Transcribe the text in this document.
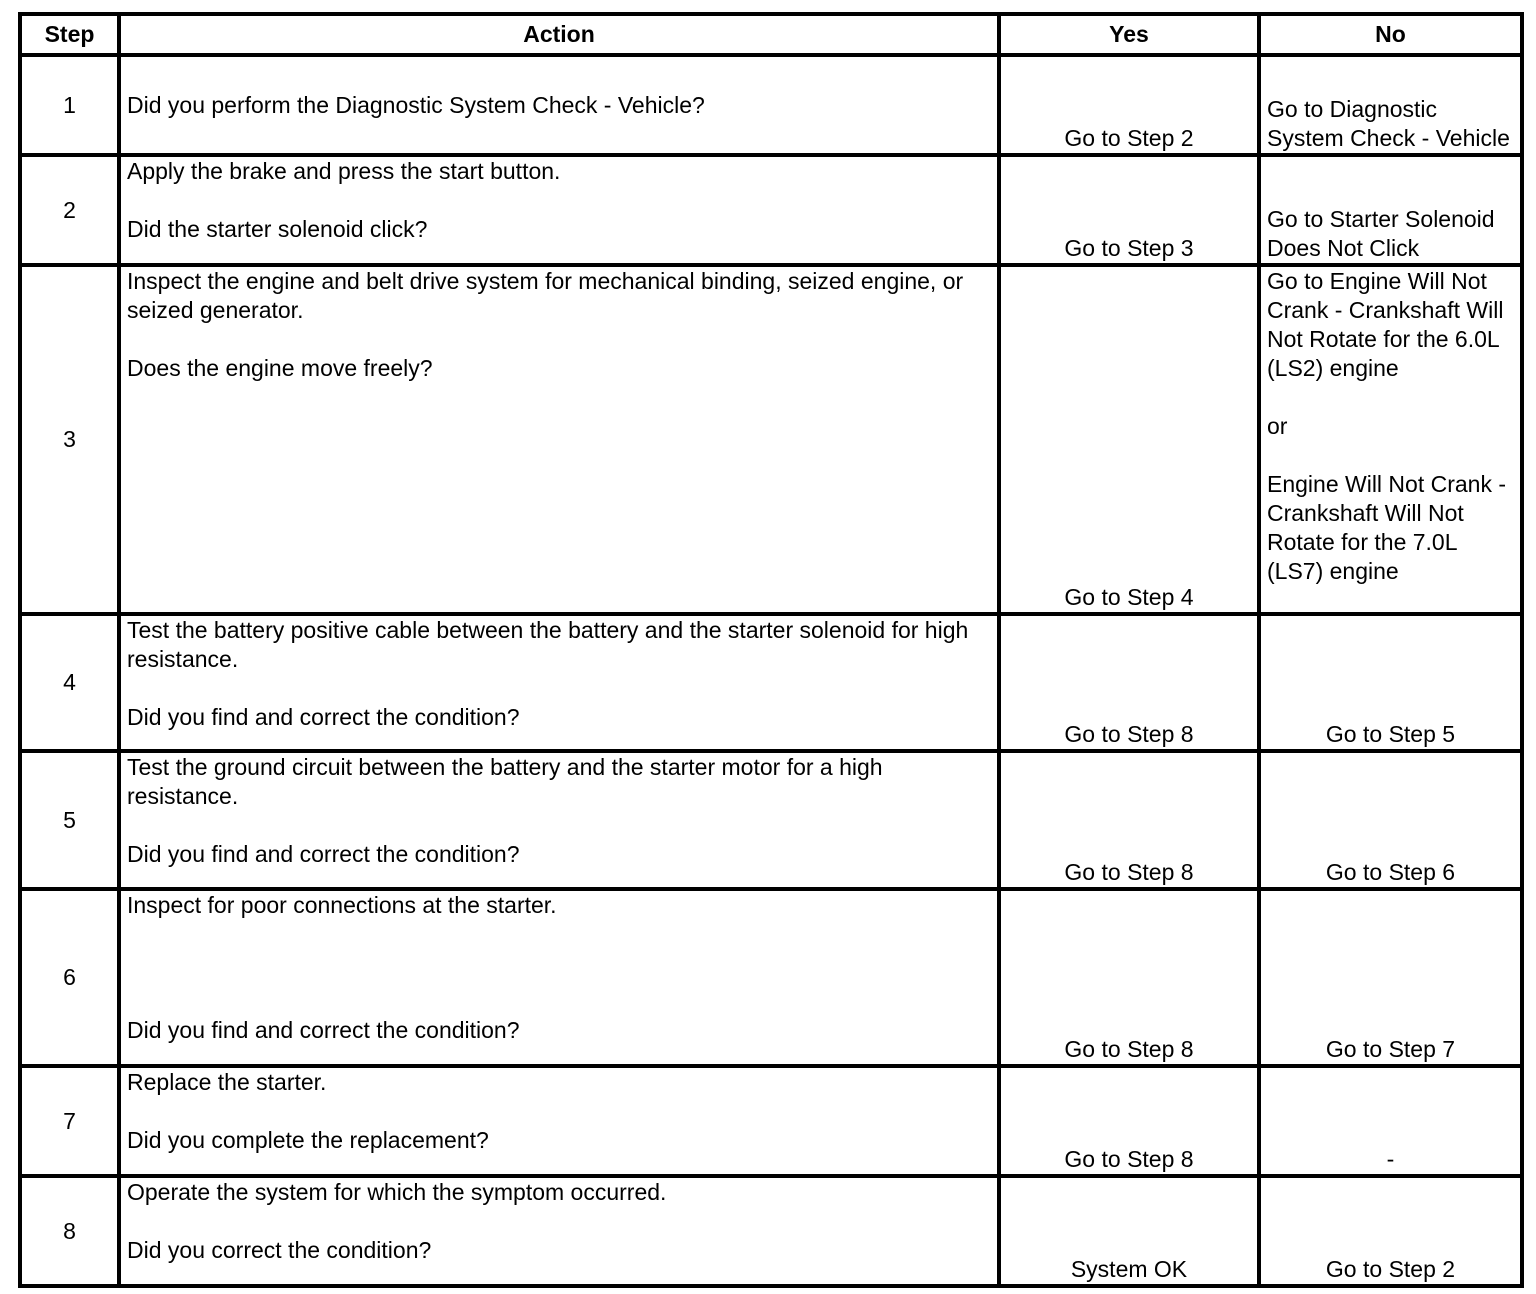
Step	Action	Yes	No
1	Did you perform the Diagnostic System Check - Vehicle?	Go to Step 2	Go to Diagnostic System Check - Vehicle
2	Apply the brake and press the start button.
Did the starter solenoid click?	Go to Step 3	Go to Starter Solenoid Does Not Click
3	Inspect the engine and belt drive system for mechanical binding, seized engine, or seized generator.
Does the engine move freely?	Go to Step 4	Go to Engine Will Not Crank - Crankshaft Will Not Rotate for the 6.0L (LS2) engine
or
Engine Will Not Crank - Crankshaft Will Not Rotate for the 7.0L (LS7) engine
4	Test the battery positive cable between the battery and the starter solenoid for high resistance.
Did you find and correct the condition?	Go to Step 8	Go to Step 5
5	Test the ground circuit between the battery and the starter motor for a high resistance.
Did you find and correct the condition?	Go to Step 8	Go to Step 6
6	Inspect for poor connections at the starter.
Did you find and correct the condition?	Go to Step 8	Go to Step 7
7	Replace the starter.
Did you complete the replacement?	Go to Step 8	-
8	Operate the system for which the symptom occurred.
Did you correct the condition?	System OK	Go to Step 2
